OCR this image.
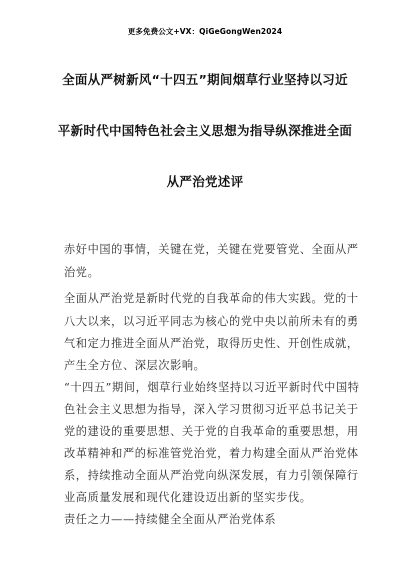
更多免费公文+VX：QiGeGongWen2024
全面从严树新风“十四五”期间烟草行业坚持以习近
平新时代中国特色社会主义思想为指导纵深推进全面
从严治党述评
赤好中国的事情，关键在党，关键在党要管党、全面从严
治党。
全面从严治党是新时代党的自我革命的伟大实践。党的十
八大以来，以习近平同志为核心的党中央以前所未有的勇
气和定力推进全面从严治党，取得历史性、开创性成就，
产生全方位、深层次影响。
“十四五”期间，烟草行业始终坚持以习近平新时代中国特
色社会主义思想为指导，深入学习贯彻习近平总书记关于
党的建设的重要思想、关于党的自我革命的重要思想，用
改革精神和严的标准管党治党，着力构建全面从严治党体
系，持续推动全面从严治党向纵深发展，有力引领保障行
业高质量发展和现代化建设迈出新的坚实步伐。
责任之力——持续健全全面从严治党体系
